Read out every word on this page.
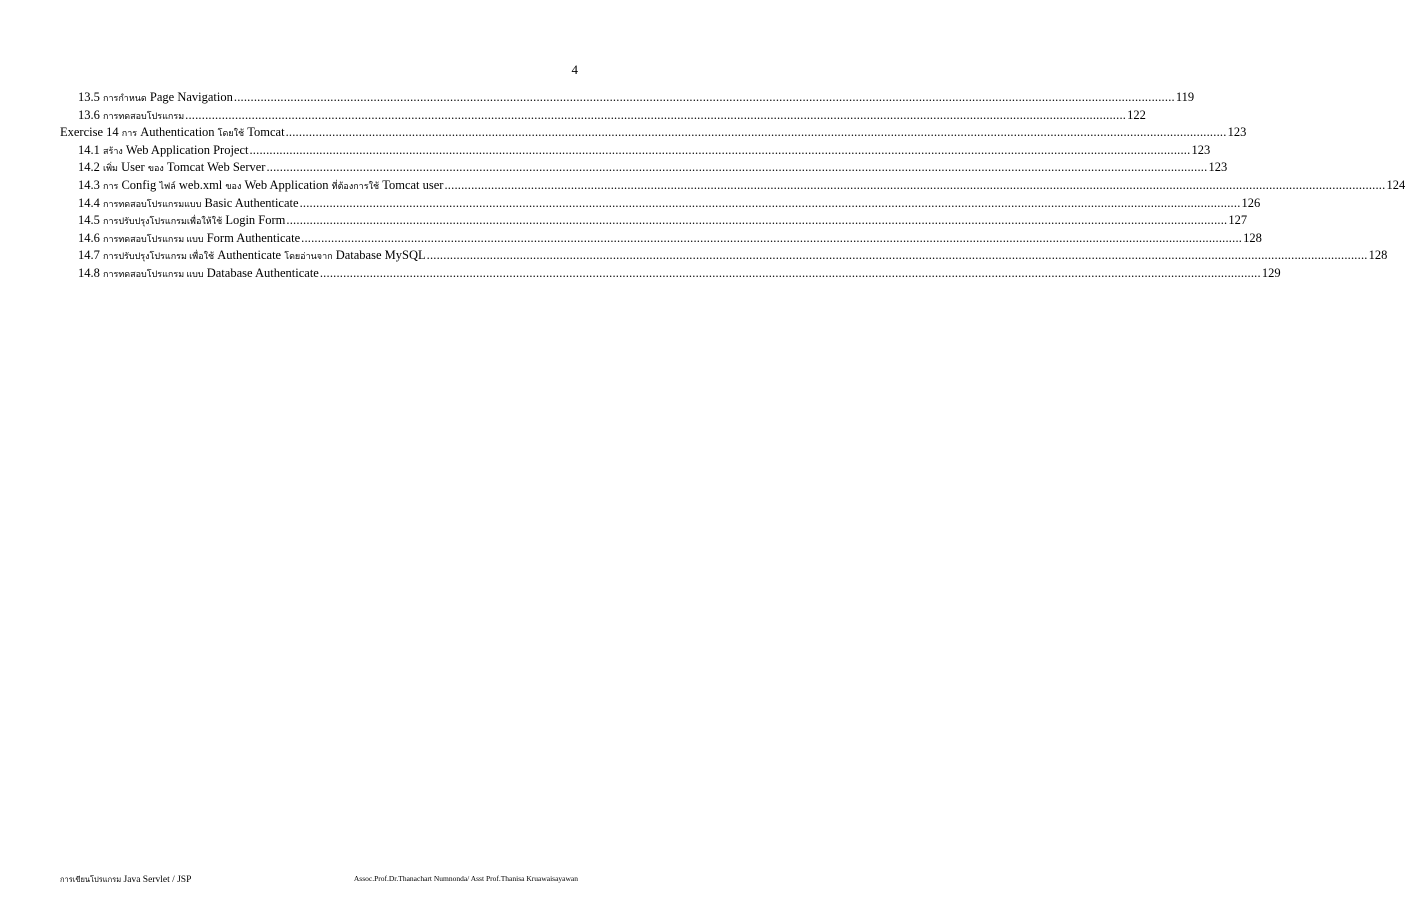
4
13.5 การกำหนด Page Navigation .....	119
13.6 การทดสอบโปรแกรม .....	122
Exercise 14 การ Authentication โดยใช้ Tomcat .....	123
14.1 สร้าง Web Application Project .....	123
14.2 เพิ่ม User ของ Tomcat Web Server .....	123
14.3 การ Config ไฟล์ web.xml ของ Web Application ที่ต้องการใช้ Tomcat user .....	124
14.4 การทดสอบโปรแกรมแบบ Basic Authenticate .....	126
14.5 การปรับปรุงโปรแกรมเพื่อให้ใช้ Login Form .....	127
14.6 การทดสอบโปรแกรม แบบ Form Authenticate .....	128
14.7 การปรับปรุงโปรแกรม เพื่อใช้ Authenticate โดยอ่านจาก Database MySQL .....	128
14.8 การทดสอบโปรแกรม แบบ Database Authenticate .....	129
การเขียนโปรแกรม Java Servlet / JSP	Assoc.Prof.Dr.Thanachart Numnonda/ Asst Prof.Thanisa Kruawaisayawan
